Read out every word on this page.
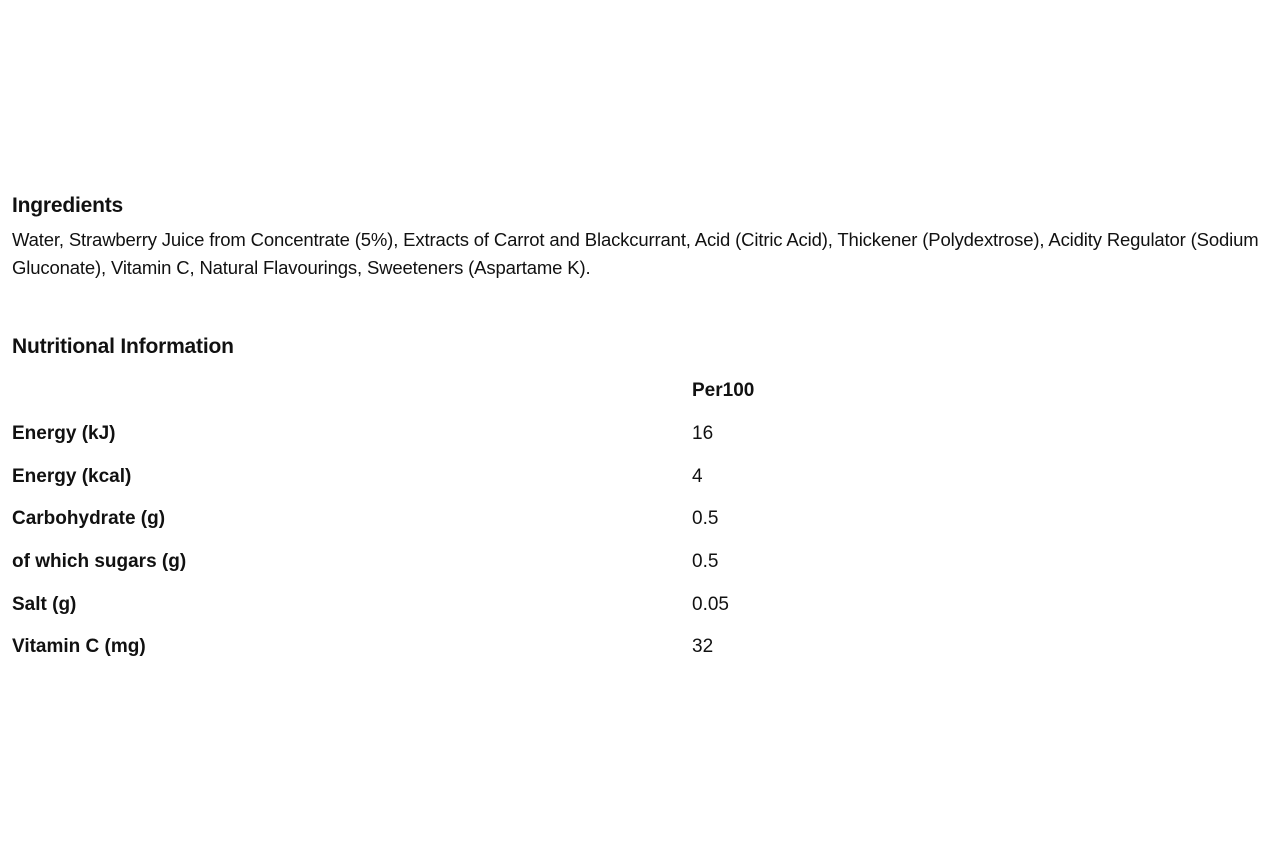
Ingredients

Water, Strawberry Juice from Concentrate (5%), Extracts of Carrot and Blackcurrant, Acid (Citric Acid), Thickener (Polydextrose), Acidity Regulator (Sodium Gluconate), Vitamin C, Natural Flavourings, Sweeteners (Aspartame K).

Nutritional Information
	Per100
Energy (kJ)	16
Energy (kcal)	4
Carbohydrate (g)	0.5
of which sugars (g)	0.5
Salt (g)	0.05
Vitamin C (mg)	32
